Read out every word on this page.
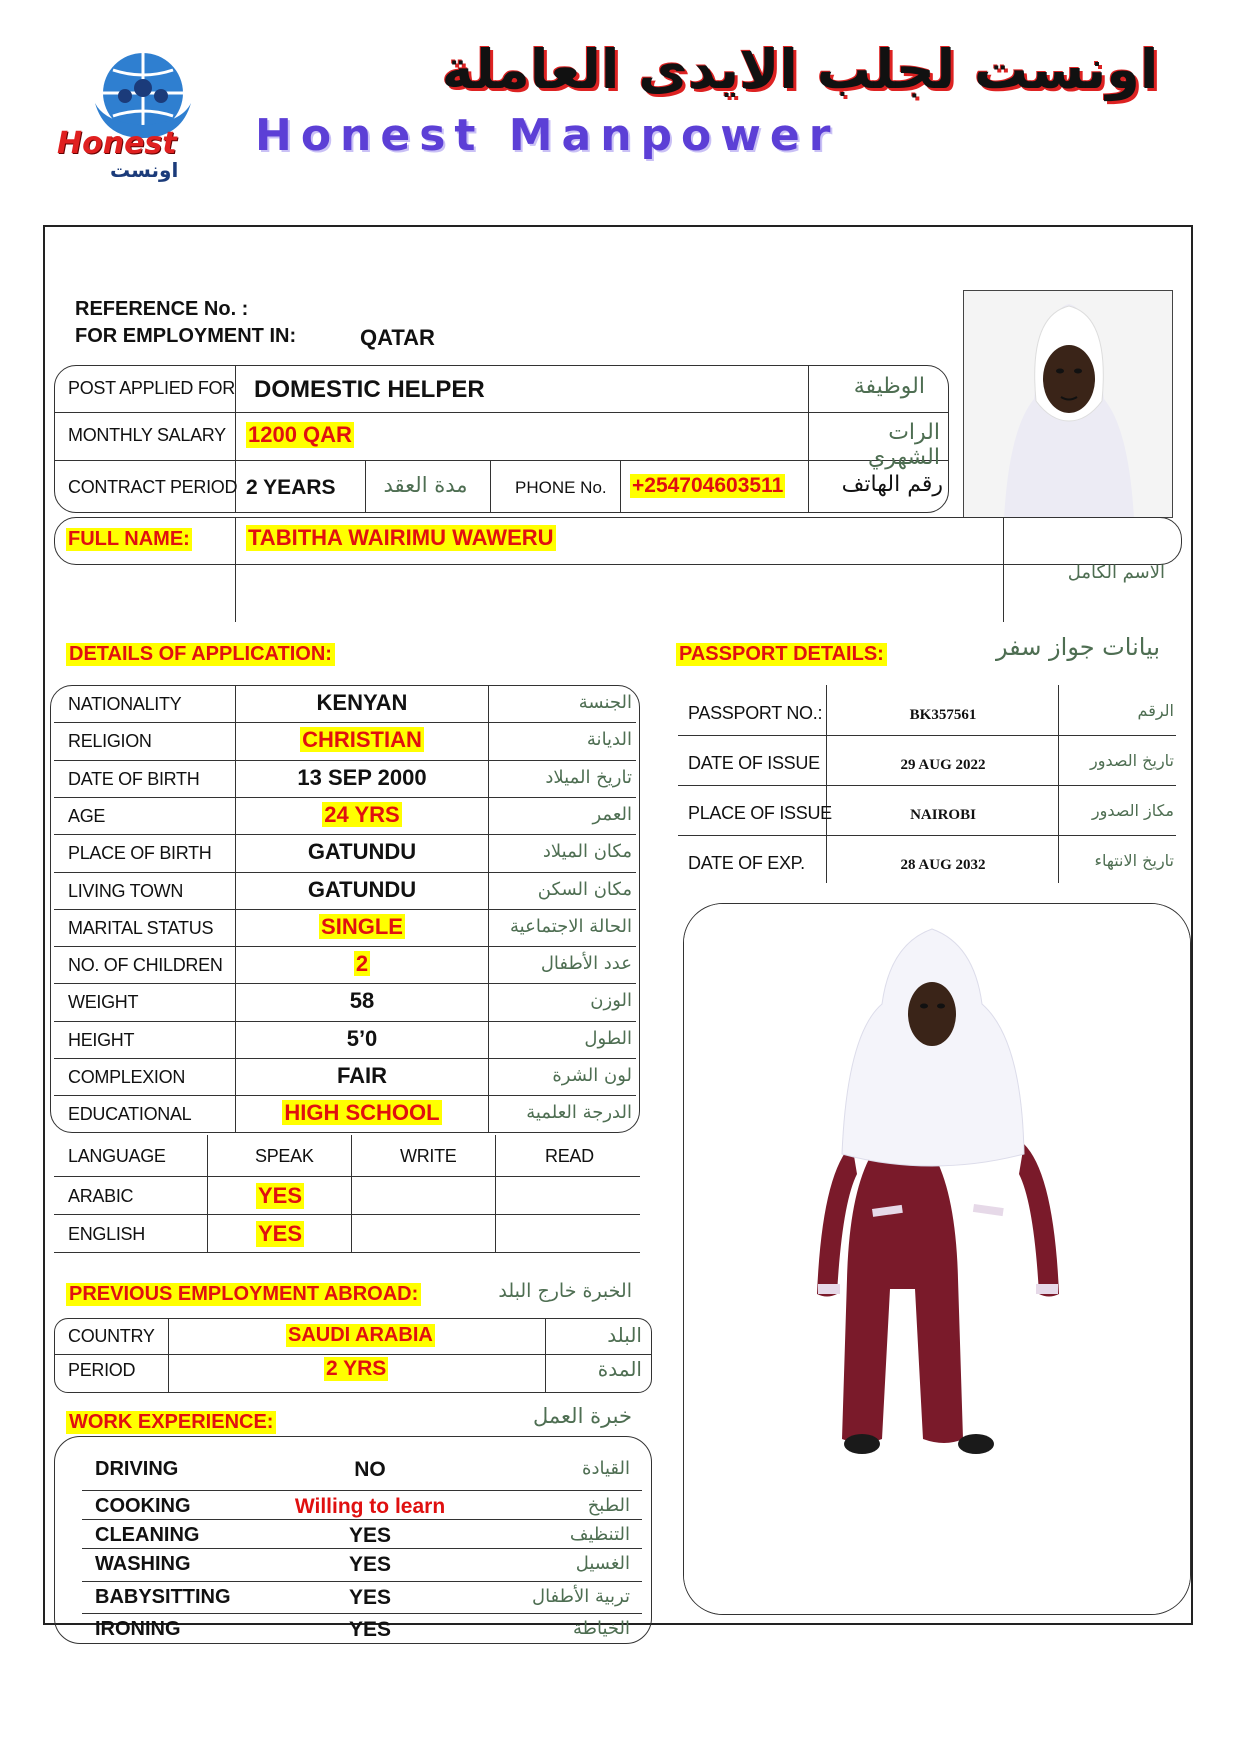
Honest
اونست
اونست لجلب الايدى العاملة
Honest Manpower
REFERENCE No. :
FOR EMPLOYMENT IN:	QATAR
POST APPLIED FOR DOMESTIC HELPER	الوظيفة
MONTHLY SALARY 1200 QAR	الرات الشهري
CONTRACT PERIOD 2 YEARS	مدة العقد	PHONE No. +254704603511	رقم الهاتف
FULL NAME:	TABITHA WAIRIMU WAWERU
الاسم الكامل
DETAILS OF APPLICATION:
NATIONALITY	KENYAN	الجنسة
RELIGION	CHRISTIAN	الديانة
DATE OF BIRTH	13 SEP 2000	تاريخ الميلاد
AGE	24 YRS	العمر
PLACE OF BIRTH	GATUNDU	مكان الميلاد
LIVING TOWN	GATUNDU	مكان السكن
MARITAL STATUS	SINGLE	الحالة الاجتماعية
NO. OF CHILDREN	2	عدد الأطفال
WEIGHT	58	الوزن
HEIGHT	5’0	الطول
COMPLEXION	FAIR	لون الشرة
EDUCATIONAL	HIGH SCHOOL	الدرجة العلمية
LANGUAGE	SPEAK	WRITE	READ
ARABIC	YES
ENGLISH	YES
PREVIOUS EMPLOYMENT ABROAD:	الخبرة خارج البلد
COUNTRY	SAUDI ARABIA	البلد
PERIOD	2 YRS	المدة
WORK EXPERIENCE:	خبرة العمل
DRIVING	NO	القيادة
COOKING	Willing to learn	الطبخ
CLEANING	YES	التنظيف
WASHING	YES	الغسيل
BABYSITTING	YES	تربية الأطفال
IRONING	YES	الخياطة
PASSPORT DETAILS:	بيانات جواز سفر
PASSPORT NO.:	BK357561	الرقم
DATE OF ISSUE	29 AUG 2022	تاريخ الصدور
PLACE OF ISSUE	NAIROBI	مكاز الصدور
DATE OF EXP.	28 AUG 2032	تاريخ الانتهاء
